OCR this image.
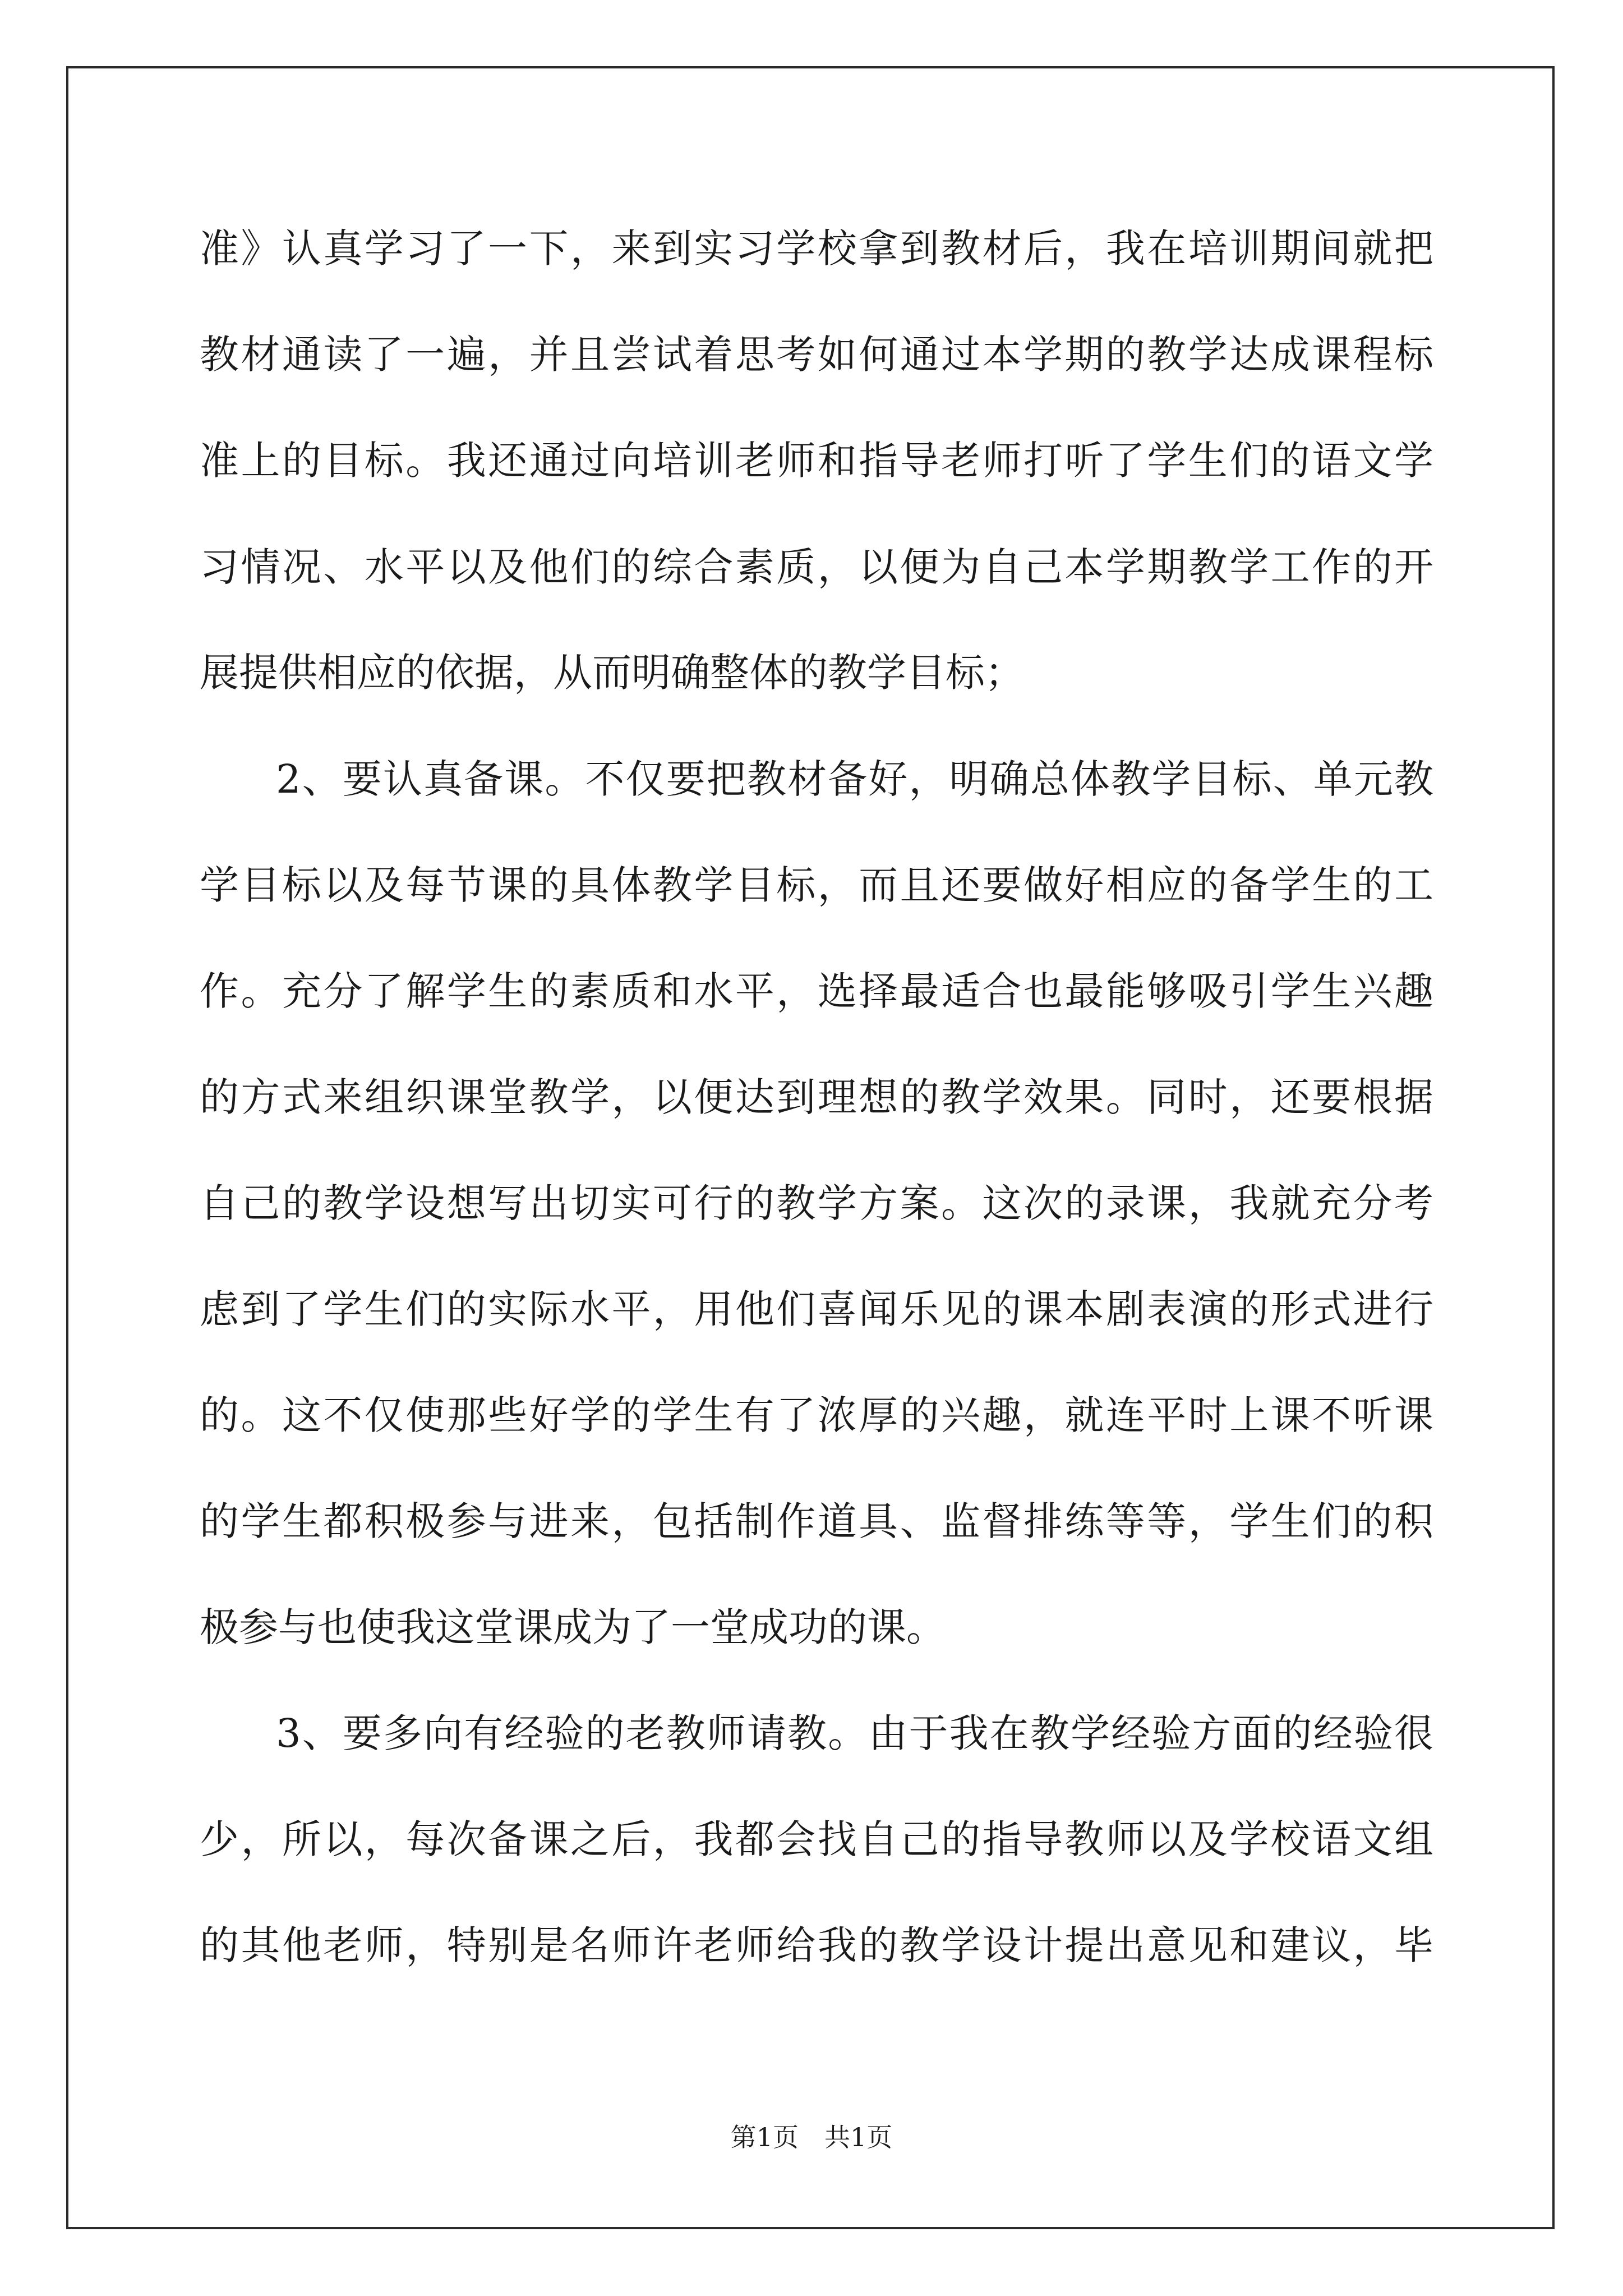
准》认真学习了一下，来到实习学校拿到教材后，我在培训期间就把
教材通读了一遍，并且尝试着思考如何通过本学期的教学达成课程标
准上的目标。我还通过向培训老师和指导老师打听了学生们的语文学
习情况、水平以及他们的综合素质，以便为自己本学期教学工作的开
展提供相应的依据，从而明确整体的教学目标；
2、要认真备课。不仅要把教材备好，明确总体教学目标、单元教
学目标以及每节课的具体教学目标，而且还要做好相应的备学生的工
作。充分了解学生的素质和水平，选择最适合也最能够吸引学生兴趣
的方式来组织课堂教学，以便达到理想的教学效果。同时，还要根据
自己的教学设想写出切实可行的教学方案。这次的录课，我就充分考
虑到了学生们的实际水平，用他们喜闻乐见的课本剧表演的形式进行
的。这不仅使那些好学的学生有了浓厚的兴趣，就连平时上课不听课
的学生都积极参与进来，包括制作道具、监督排练等等，学生们的积
极参与也使我这堂课成为了一堂成功的课。
3、要多向有经验的老教师请教。由于我在教学经验方面的经验很
少，所以，每次备课之后，我都会找自己的指导教师以及学校语文组
的其他老师，特别是名师许老师给我的教学设计提出意见和建议，毕
第1页　共1页
